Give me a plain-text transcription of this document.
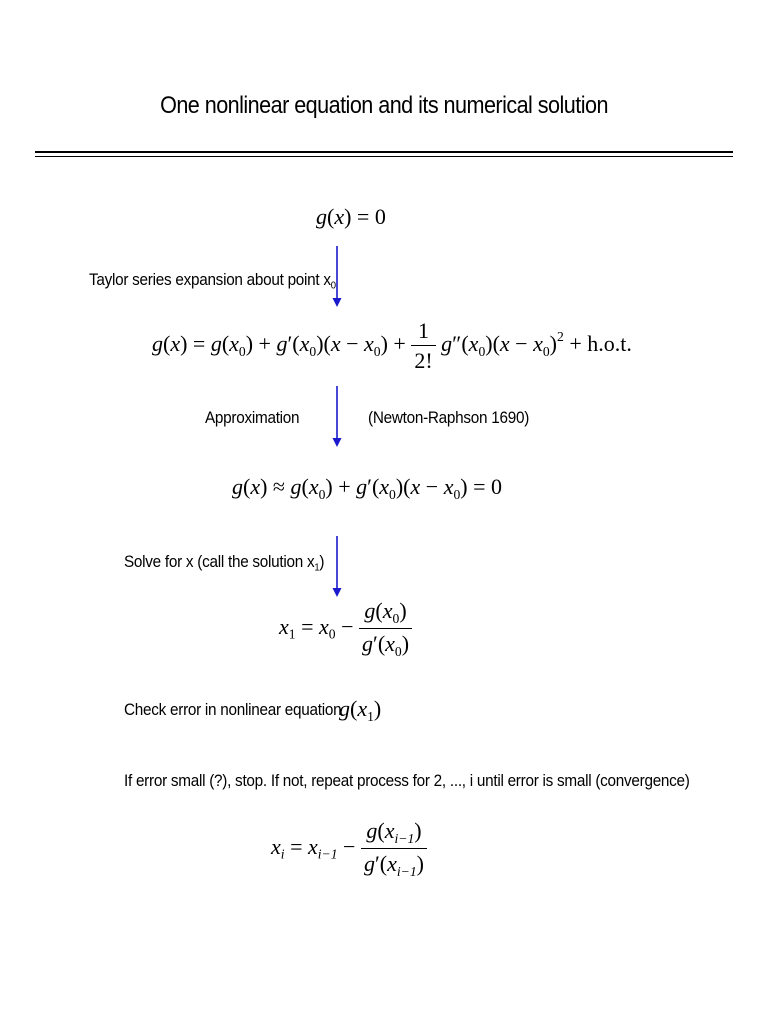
One nonlinear equation and its numerical solution
g(x) = 0
Taylor series expansion about point $x_0$
$g(x) = g(x_0) + g'(x_0)(x - x_0) + \frac{1}{2!} g''(x_0)(x - x_0)^2 + h.o.t$.
Approximation	(Newton-Raphson 1690)
$g(x) \approx g(x_0) + g'(x_0)(x - x_0) = 0$
Solve for x (call the solution $x_1$)
$x_1 = x_0 - \frac{g(x_0)}{g'(x_0)}$
Check error in nonlinear equation
$g(x_1)$
If error small (?), stop. If not, repeat process for 2, ..., i until error is small (convergence)
$x_i = x_{i-1} - \frac{g(x_{i-1})}{g'(x_{i-1})}$
